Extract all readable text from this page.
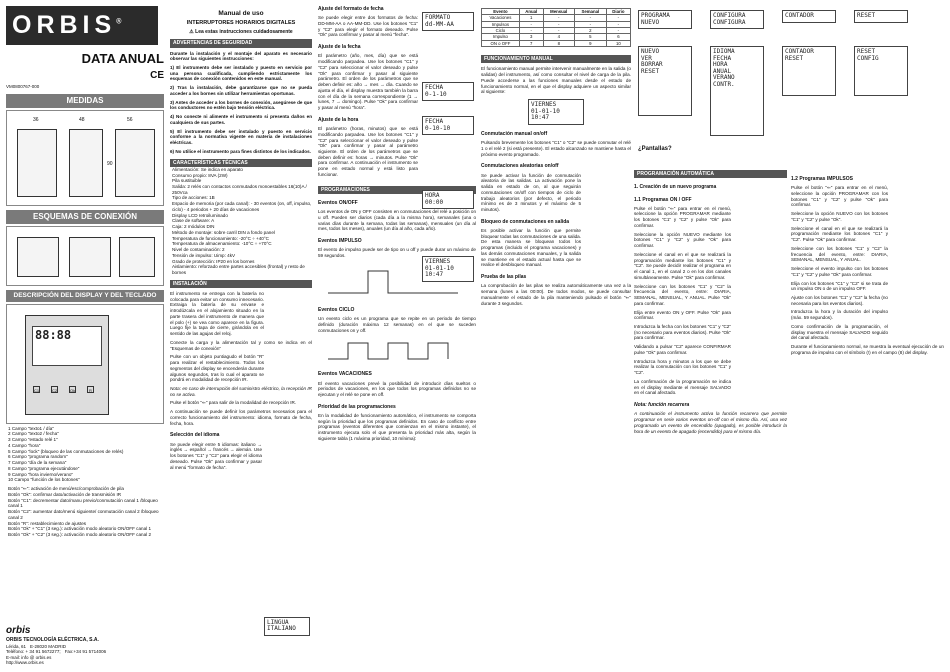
ORBIS®
DATA ANUAL
CE
VM0800767-000
MEDIDAS
36	48	56
90
ESQUEMAS DE CONEXIÓN
DESCRIPCIÓN DEL DISPLAY Y DEL TECLADO
88:88
C1	C2	Ok	R
1 Campo "texto1 / día"
2 Campo "texto2 / fecha"
3 Campo "estado relé 1"
4 Campo "hora"
5 Campo "lock" (bloqueo de las conmutaciones de relés)
6 Campo "programa random"
7 Campo "día de la semana"
8 Campo "programa ejecutándose"
9 Campo "hora invierno/verano"
10 Campo "función de los botones"
Botón "⇐": activación de menú/esc/comprobación de pila
Botón "Ok": confirmar dato/activación de transmisión IR
Botón "C1": decrementar dato/manu previo/conmutación canal 1 /bloqueo canal 1
Botón "C2": aumentar dato/menú siguiente/ conmutación canal 2 /bloqueo canal 2
Botón "R": restablecimiento de ajustes
Botón "Ok" + "C1" (3 seg.): activación modo aleatorio ON/OFF canal 1
Botón "Ok" + "C2" (3 seg.): activación modo aleatorio ON/OFF canal 2
orbis
ORBIS TECNOLOGÍA ELÉCTRICA, S.A.
Lérida, 61 E-28020 MADRID
Teléfono: + 34 91 5672277; Fax:+34 91 5714006
E-mail: info @ orbis.es
http://www.orbis.es
Manual de uso
INTERRUPTORES HORARIOS DIGITALES
⚠ Lea estas instrucciones cuidadosamente
ADVERTENCIAS DE SEGURIDAD

Durante la instalación y el montaje del aparato es necesario observar las siguientes instrucciones:

1) El instrumento debe ser instalado y puesto en servicio por una persona cualificada, cumpliendo estrictamente los esquemas de conexión contenidos en este manual.

2) Tras la instalación, debe garantizarse que no se pueda acceder a los bornes sin utilizar herramientas oportunas.

3) Antes de acceder a los bornes de conexión, asegúrese de que los conductores no estén bajo tensión eléctrica.

4) No conecte ni alimente el instrumento si presenta daños en cualquiera de sus partes.

5) El instrumento debe ser instalado y puesto en servicio conforme a la normativa vigente en materia de instalaciones eléctricas.

6) No utilice el instrumento para fines distintos de los indicados.

CARACTERÍSTICAS TÉCNICAS
Alimentación: Se indica en aparato
Consumo propio: 8VA (2W)
Pila sustituible
Salida: 2 relés con contactos conmutados monoestables 16(10)A / 250Vca
Tipo de acciones: 1B
Espacio de memoria (por cada canal): - 30 eventos (on, off, impulso, ciclo) - 4 periodos + 20 días de vacaciones
Display LCD retroiluminado
Clase de software: A
Caja: 2 módulos DIN
Método de montaje: sobre carril DIN a fondo panel
Temperatura de funcionamiento: -20°C ÷ +40°C
Temperatura de almacenamiento: -10°C ÷ +70°C
Nivel de contaminación: 2
Tensión de impulso: Uimp: 4kV
Grado de protección: IP20 en los bornes
Aislamiento: reforzado entre partes accesibles (frontal) y resto de bornes
INSTALACIÓN

El instrumento se entrega con la batería no colocada para evitar un consumo innecesario. Extraiga la batería de su envase e introdúzcala en el alojamiento situado en la parte trasera del instrumento de manera que el polo (+) se vea como aparece en la figura. Luego fije la tapa de cierre, girándola en el sentido de las agujas del reloj.

Conecte la carga y la alimentación tal y como se indica en el "Esquemas de conexión"

Pulse con un objeto puntiagudo el botón "R" para realizar el restablecimiento. Todos los segmentos del display se encenderán durante algunos segundos, tras lo cual el aparato se pondrá en modalidad de recepción IR.

Nota: en caso de interrupción del suministro eléctrico, la recepción IR no se activa.

Pulse el botón "⇐" para salir de la modalidad de recepción IR.

A continuación se puede definir los parámetros necesarios para el correcto funcionamiento del instrumento: idioma, formato de fecha, fecha, hora.

Selección del idioma

Se puede elegir entre 5 idiomas: italiano → inglés → español → francés → alemán. Use los botones "C1" y "C2" para elegir el idioma deseado. Pulse "Ok" para confirmar y pasar al menú "formato de fecha".

LINGUA
ITALIANO
Ajuste del formato de fecha

Se puede elegir entre dos formatos de fecha: DD-MM-AA o AA-MM-DD. Use los botones "C1" y "C2" para elegir el formato deseado. Pulse "Ok" para confirmar y pasar al menú "fecha".

FORMATO
dd-MM-AA
Ajuste de la fecha

El parámetro (año, mes, día) que se está modificando parpadea. Use los botones "C1" y "C2" para seleccionar el valor deseado y pulse "Ok" para confirmar y pasar al siguiente parámetro. El orden de los parámetros que se deben definir es: año → mes → día. Cuando se ajusta el día, el display muestra también la barra con el día de la semana correspondiente (1 → lunes, 7 → domingo). Pulse "Ok" para confirmar y pasar al menú "hora".

FECHA
0-1-10
FECHA
0-10-10
Ajuste de la hora

El parámetro (horas, minutos) que se está modificando parpadea. Use los botones "C1" y "C2" para seleccionar el valor deseado y pulse "Ok" para confirmar y pasar al parámetro siguiente. El orden de los parámetros que se deben definir es: horas → minutos. Pulse "Ok" para confirmar. A continuación el instrumento se pone en estado normal y está listo para funcionar.

HORA
00:00
VIERNES
01-01-10
10:47
PROGRAMACIONES
Eventos ON/OFF

Los eventos de ON y OFF consisten en conmutaciones del relé a posición on u off. Pueden ser diarios (cada día a la misma hora), semanales (una o varias días durante la semana, todas las semanas), mensuales (un día al mes, todos los meses), anuales (un día al año, cada año).

Eventos IMPULSO

El evento de impulso puede ser de tipo on u off y puede durar un máximo de 59 segundos.

Eventos CICLO

Un evento ciclo es un programa que se repite en un periodo de tiempo definido (duración máxima 12 semanas) en el que se suceden conmutaciones on y off.

Eventos VACACIONES

El evento vacaciones prevé la posibilidad de introducir días sueltos o periodos de vacaciones, en los que todos los programas definidos no se ejecutan y el relé se pone en off.

Prioridad de las programaciones

En la modalidad de funcionamiento automático, el instrumento se comporta según la prioridad que los programas definidos. En caso de conflicto entre programas (eventos diferentes que comienzan en el mismo instante), el instrumento ejecuta solo el que presenta la prioridad más alta, según la siguiente tabla (1 máxima prioridad, 10 mínima):

Evento	Anual	Mensual	Semanal	Diario
Vacaciones	1	-	-	-
Impulsos	-	-	-	-
Ciclo	-	-	2	-
Impulso	3	4	5	6
ON o OFF	7	8	9	10
FUNCIONAMIENTO MANUAL

El funcionamiento manual permite intervenir manualmente en la salida (o salidas) del instrumento, así como consultar el nivel de carga de la pila. Puede accederse a las funciones manuales desde el estado de funcionamiento normal, en el que el display adquiere un aspecto similar al siguiente:

VIERNES
01-01-10
10:47
Conmutación manual on/off

Pulsando brevemente los botones "C1" o "C2" se puede conmutar el relé 1 o el relé 2 (si está presente). El estado alcanzado se mantiene hasta el próximo evento programado.

Conmutaciones aleatorias on/off

Se puede activar la función de conmutación aleatoria de las salidas. La activación pone la salida en estado de on, al que seguirán conmutaciones on/off con tiempos de ciclo de trabajo aleatorios (por defecto, el periodo mínimo es de 3 minutos y el máximo de 5 minutos).

Bloqueo de conmutaciones en salida

Es posible activar la función que permite bloquear todas las conmutaciones de una salida. De esta manera se bloquean todos los programas (incluido el programa vacaciones) y las demás conmutaciones manuales, y la salida se mantiene en el estado actual hasta que se realice el desbloqueo manual.

Prueba de las pilas

La comprobación de las pilas se realiza automáticamente una vez a la semana (lunes a las 00:00). De todos modos, se puede consultar manualmente el estado de la pila manteniendo pulsado el botón "⇐" durante 3 segundos.

PROGRAMA
NUEVO
CONFIGURA
CONFIGURA
CONTADOR	RESET
NUEVO
VER
BORRAR
RESET
IDIOMA
FECHA
HORA
ANUAL
VERANO
CONTR.
CONTADOR
RESET
RESET
CONFIG
¿Pantallas?
PROGRAMACIÓN AUTOMÁTICA
1. Creación de un nuevo programa
1.1 Programas ON / OFF

Pulse el botón "⇐" para entrar en el menú, seleccione la opción PROGRAMAR mediante los botones "C1" y "C2" y pulse "Ok" para confirmar.

Seleccione la opción NUEVO mediante los botones "C1" y "C2" y pulse "Ok" para confirmar.

Seleccione el canal en el que se realizará la programación mediante los botones "C1" y "C2". Se puede decidir realizar el programa en el canal 1, en el canal 2 o en los dos canales simultáneamente. Pulse "Ok" para confirmar.

Seleccione con los botones "C1" y "C2" la frecuencia del evento, entre: DIARIA, SEMANAL, MENSUAL, Y ANUAL. Pulse "Ok" para confirmar.

Elija entre evento ON y OFF. Pulse "Ok" para confirmar.

Introduzca la fecha con los botones "C1" y "C2" (no necesario para eventos diarios). Pulse "Ok" para confirmar.

Validando a pulsar "C2" aparece CONFIRMAR pulse "Ok" para confirmar.

Introduzca hora y minutos a los que se debe realizar la conmutación con los botones "C1" y "C2".

La confirmación de la programación se indica en el display mediante el mensaje SALVADO en el canal afectado.

Nota: función recarrera

A continuación el instrumento activa la función recarrera que permite programar en serie varios eventos on-off con el mismo día. Así, una vez programado un evento de encendido (apagado), es posible introducir la hora de un evento de apagado (encendido) para el mismo día.

1.2 Programas IMPULSOS

Pulse el botón "⇐" para entrar en el menú, seleccione la opción PROGRAMAR con los botones "C1" y "C2" y pulse "Ok" para confirmar.

Seleccione la opción NUEVO con los botones "C1" y "C2" y pulse "Ok".

Seleccione el canal en el que se realizará la programación mediante los botones "C1" y "C2". Pulse "Ok" para confirmar.

Seleccione con los botones "C1" y "C2" la frecuencia del evento, entre: DIARIA, SEMANAL, MENSUAL, Y ANUAL.

Seleccione el evento impulso con los botones "C1" y "C2" y pulse "Ok" para confirmar.

Elija con los botones "C1" y "C2" si se trata de un impulso ON o de un impulso OFF.

Ajuste con los botones "C1" y "C2" la fecha (no necesaria para los eventos diarios).

Introduzca la hora y la duración del impulso (máx. 59 segundos).

Como confirmación de la programación, el display muestra el mensaje SALVADO seguido del canal afectado.

Durante el funcionamiento normal, se muestra la eventual ejecución de un programa de impulso con el símbolo (!) en el campo (8) del display.
